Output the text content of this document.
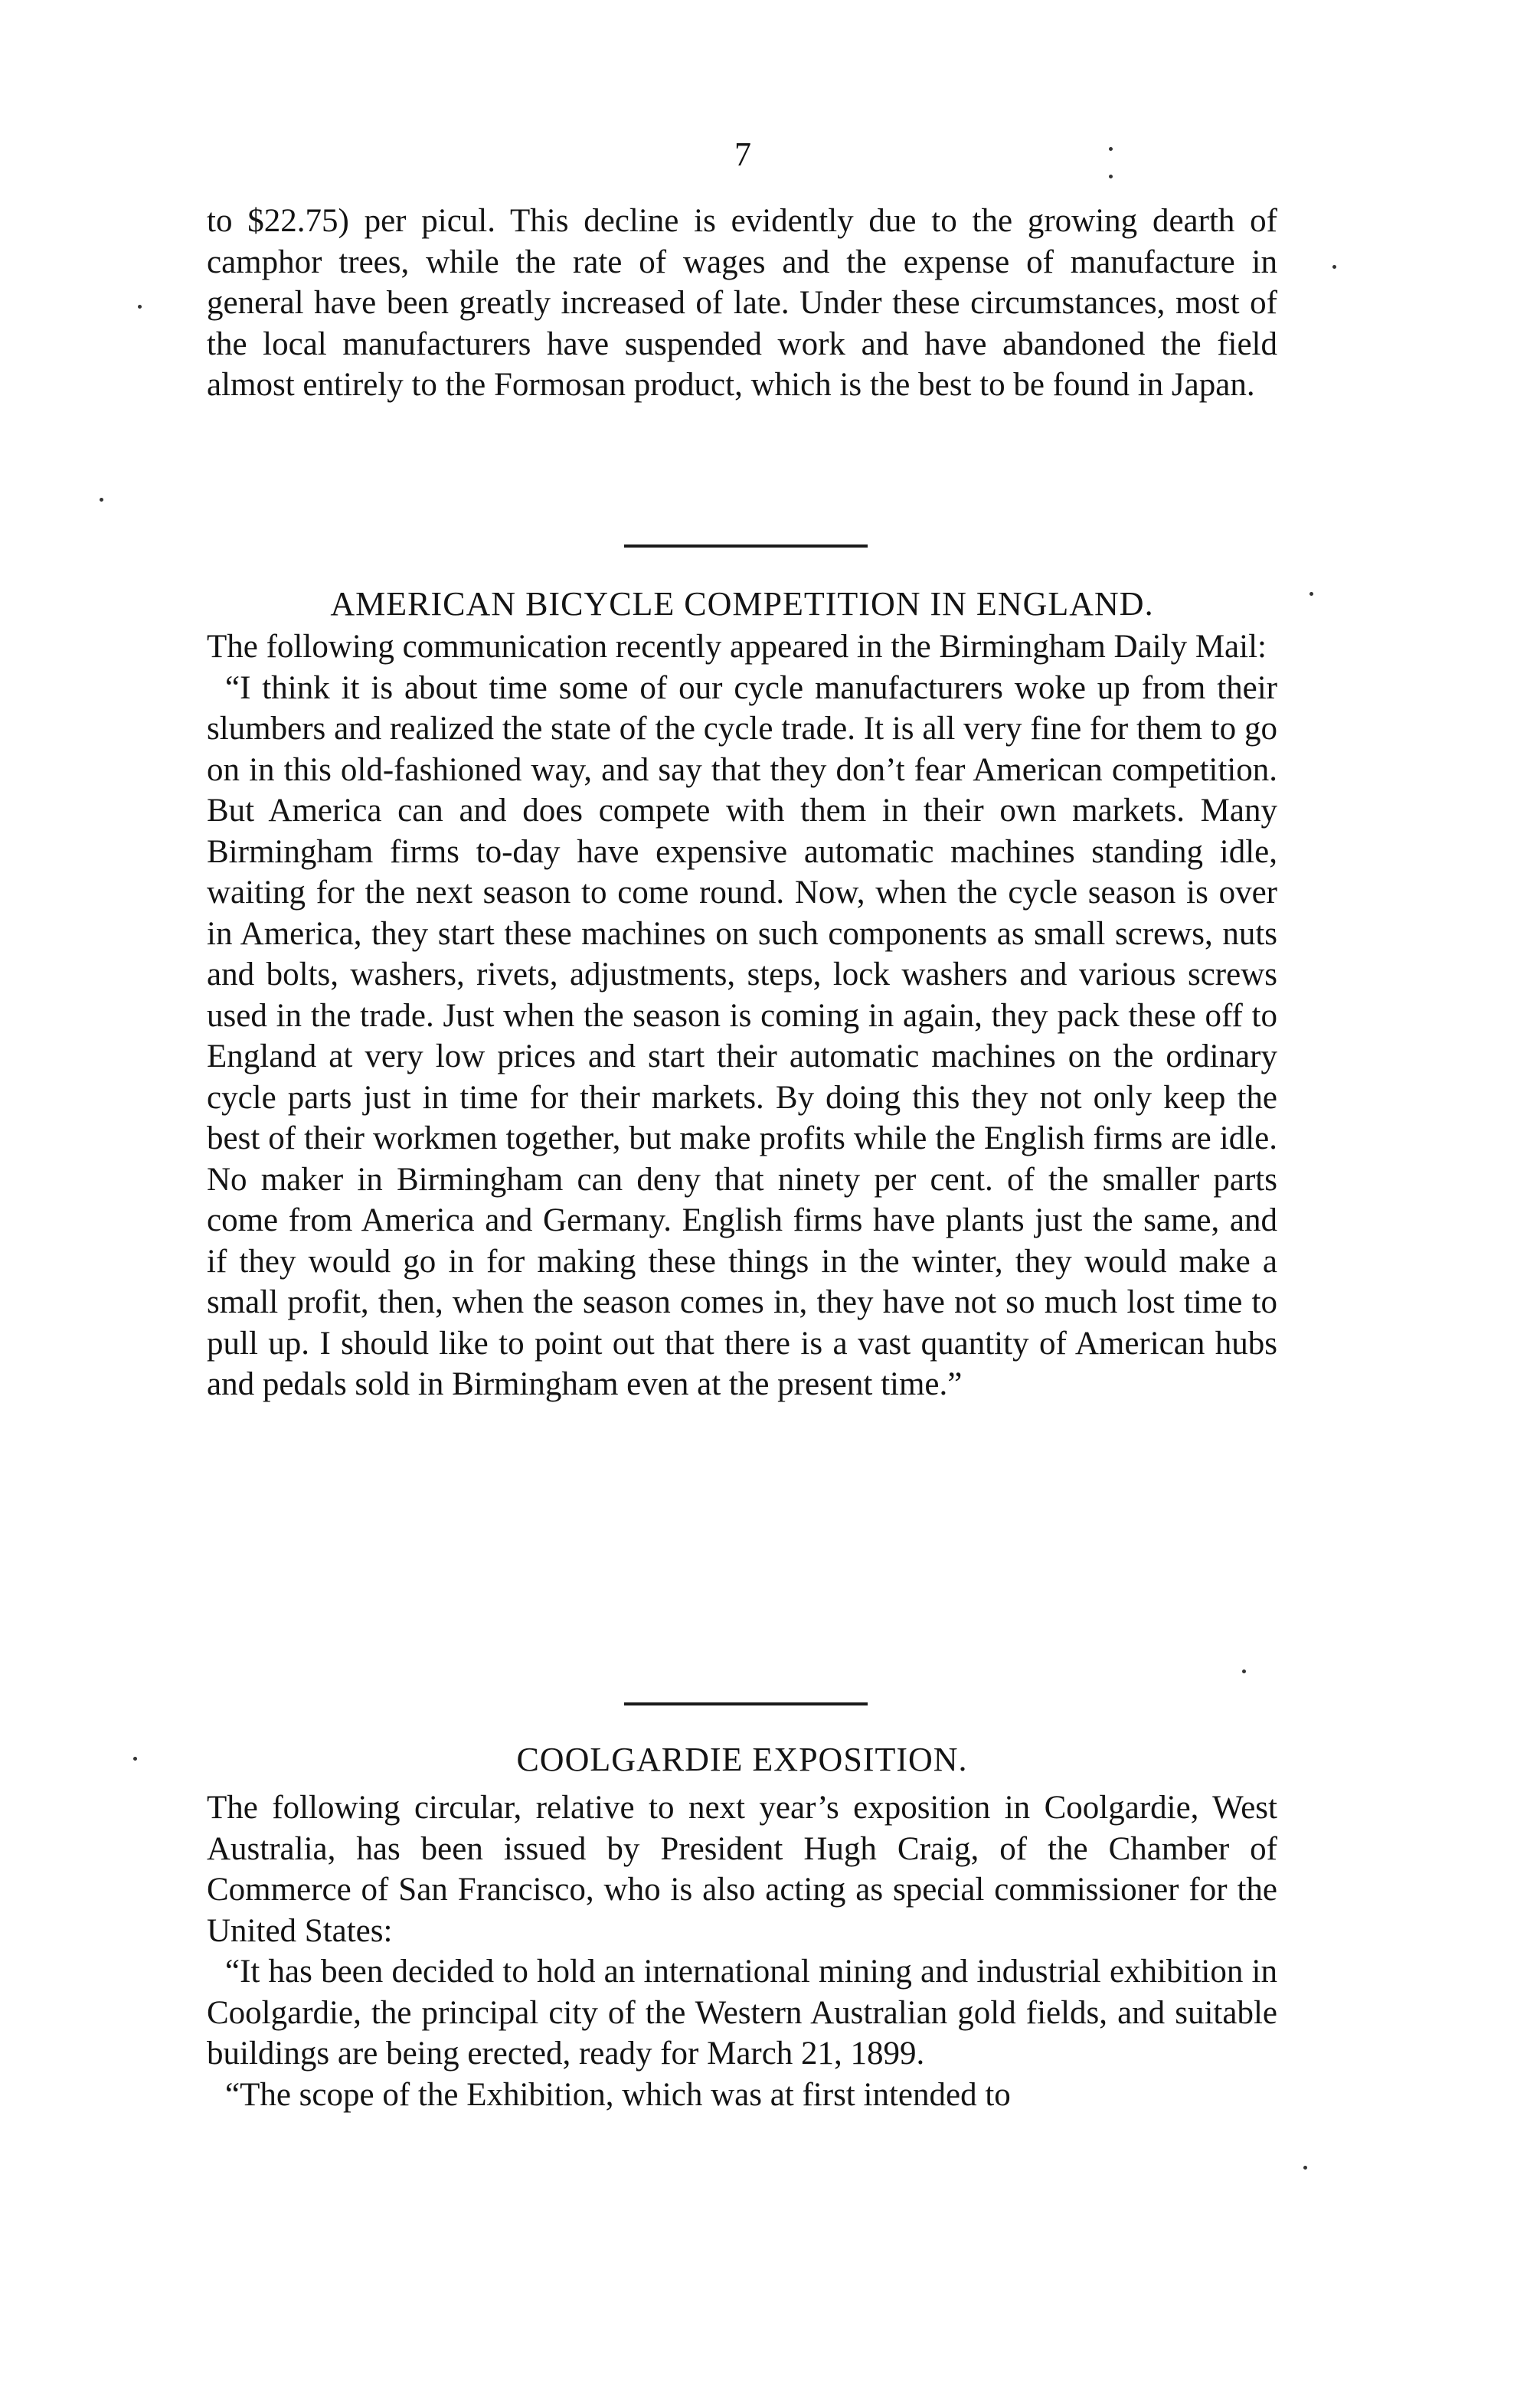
7

to $22.75) per picul. This decline is evidently due to the growing dearth of camphor trees, while the rate of wages and the expense of manufacture in general have been greatly increased of late. Under these circumstances, most of the local manufacturers have suspended work and have abandoned the field almost entirely to the Formosan product, which is the best to be found in Japan.

AMERICAN BICYCLE COMPETITION IN ENGLAND.

The following communication recently appeared in the Birmingham Daily Mail:

“I think it is about time some of our cycle manufacturers woke up from their slumbers and realized the state of the cycle trade. It is all very fine for them to go on in this old-fashioned way, and say that they don’t fear American competition. But America can and does compete with them in their own markets. Many Birmingham firms to-day have expensive automatic machines standing idle, waiting for the next season to come round. Now, when the cycle season is over in America, they start these machines on such components as small screws, nuts and bolts, washers, rivets, adjustments, steps, lock washers and various screws used in the trade. Just when the season is coming in again, they pack these off to England at very low prices and start their automatic machines on the ordinary cycle parts just in time for their markets. By doing this they not only keep the best of their workmen together, but make profits while the English firms are idle. No maker in Birmingham can deny that ninety per cent. of the smaller parts come from America and Germany. English firms have plants just the same, and if they would go in for making these things in the winter, they would make a small profit, then, when the season comes in, they have not so much lost time to pull up. I should like to point out that there is a vast quantity of American hubs and pedals sold in Birmingham even at the present time.”

COOLGARDIE EXPOSITION.

The following circular, relative to next year’s exposition in Coolgardie, West Australia, has been issued by President Hugh Craig, of the Chamber of Commerce of San Francisco, who is also acting as special commissioner for the United States:

“It has been decided to hold an international mining and industrial exhibition in Coolgardie, the principal city of the Western Australian gold fields, and suitable buildings are being erected, ready for March 21, 1899.

“The scope of the Exhibition, which was at first intended to
